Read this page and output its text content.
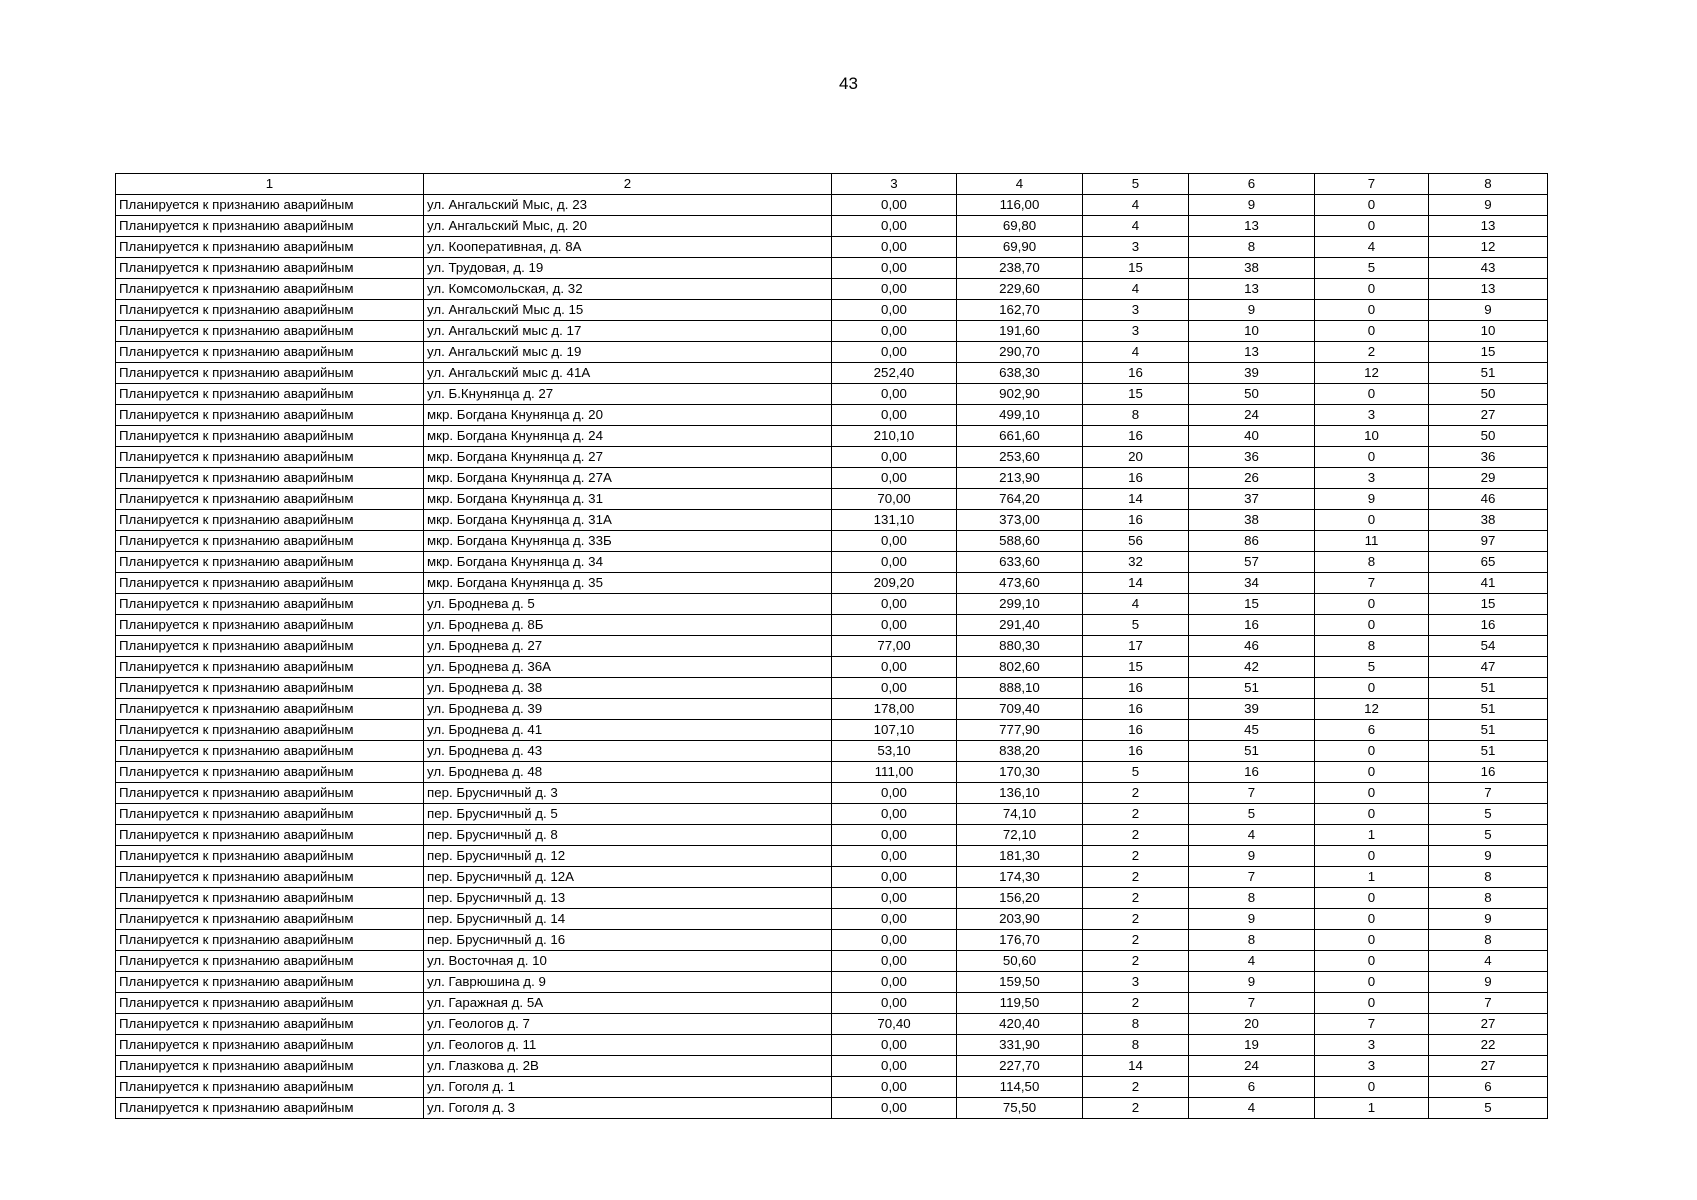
43
1	2	3	4	5	6	7	8
Планируется к признанию аварийным	ул. Ангальский Мыс, д. 23	0,00	116,00	4	9	0	9
Планируется к признанию аварийным	ул. Ангальский Мыс, д. 20	0,00	69,80	4	13	0	13
Планируется к признанию аварийным	ул. Кооперативная, д. 8А	0,00	69,90	3	8	4	12
Планируется к признанию аварийным	ул. Трудовая, д. 19	0,00	238,70	15	38	5	43
Планируется к признанию аварийным	ул. Комсомольская, д. 32	0,00	229,60	4	13	0	13
Планируется к признанию аварийным	ул. Ангальский Мыс д. 15	0,00	162,70	3	9	0	9
Планируется к признанию аварийным	ул. Ангальский мыс д. 17	0,00	191,60	3	10	0	10
Планируется к признанию аварийным	ул. Ангальский мыс д. 19	0,00	290,70	4	13	2	15
Планируется к признанию аварийным	ул. Ангальский мыс д. 41А	252,40	638,30	16	39	12	51
Планируется к признанию аварийным	ул. Б.Кнунянца д. 27	0,00	902,90	15	50	0	50
Планируется к признанию аварийным	мкр. Богдана Кнунянца д. 20	0,00	499,10	8	24	3	27
Планируется к признанию аварийным	мкр. Богдана Кнунянца д. 24	210,10	661,60	16	40	10	50
Планируется к признанию аварийным	мкр. Богдана Кнунянца д. 27	0,00	253,60	20	36	0	36
Планируется к признанию аварийным	мкр. Богдана Кнунянца д. 27А	0,00	213,90	16	26	3	29
Планируется к признанию аварийным	мкр. Богдана Кнунянца д. 31	70,00	764,20	14	37	9	46
Планируется к признанию аварийным	мкр. Богдана Кнунянца д. 31А	131,10	373,00	16	38	0	38
Планируется к признанию аварийным	мкр. Богдана Кнунянца д. 33Б	0,00	588,60	56	86	11	97
Планируется к признанию аварийным	мкр. Богдана Кнунянца д. 34	0,00	633,60	32	57	8	65
Планируется к признанию аварийным	мкр. Богдана Кнунянца д. 35	209,20	473,60	14	34	7	41
Планируется к признанию аварийным	ул. Броднева д. 5	0,00	299,10	4	15	0	15
Планируется к признанию аварийным	ул. Броднева д. 8Б	0,00	291,40	5	16	0	16
Планируется к признанию аварийным	ул. Броднева д. 27	77,00	880,30	17	46	8	54
Планируется к признанию аварийным	ул. Броднева д. 36А	0,00	802,60	15	42	5	47
Планируется к признанию аварийным	ул. Броднева д. 38	0,00	888,10	16	51	0	51
Планируется к признанию аварийным	ул. Броднева д. 39	178,00	709,40	16	39	12	51
Планируется к признанию аварийным	ул. Броднева д. 41	107,10	777,90	16	45	6	51
Планируется к признанию аварийным	ул. Броднева д. 43	53,10	838,20	16	51	0	51
Планируется к признанию аварийным	ул. Броднева д. 48	111,00	170,30	5	16	0	16
Планируется к признанию аварийным	пер. Брусничный д. 3	0,00	136,10	2	7	0	7
Планируется к признанию аварийным	пер. Брусничный д. 5	0,00	74,10	2	5	0	5
Планируется к признанию аварийным	пер. Брусничный д. 8	0,00	72,10	2	4	1	5
Планируется к признанию аварийным	пер. Брусничный д. 12	0,00	181,30	2	9	0	9
Планируется к признанию аварийным	пер. Брусничный д. 12А	0,00	174,30	2	7	1	8
Планируется к признанию аварийным	пер. Брусничный д. 13	0,00	156,20	2	8	0	8
Планируется к признанию аварийным	пер. Брусничный д. 14	0,00	203,90	2	9	0	9
Планируется к признанию аварийным	пер. Брусничный д. 16	0,00	176,70	2	8	0	8
Планируется к признанию аварийным	ул. Восточная д. 10	0,00	50,60	2	4	0	4
Планируется к признанию аварийным	ул. Гаврюшина д. 9	0,00	159,50	3	9	0	9
Планируется к признанию аварийным	ул. Гаражная д. 5А	0,00	119,50	2	7	0	7
Планируется к признанию аварийным	ул. Геологов д. 7	70,40	420,40	8	20	7	27
Планируется к признанию аварийным	ул. Геологов д. 11	0,00	331,90	8	19	3	22
Планируется к признанию аварийным	ул. Глазкова д. 2В	0,00	227,70	14	24	3	27
Планируется к признанию аварийным	ул. Гоголя д. 1	0,00	114,50	2	6	0	6
Планируется к признанию аварийным	ул. Гоголя д. 3	0,00	75,50	2	4	1	5
